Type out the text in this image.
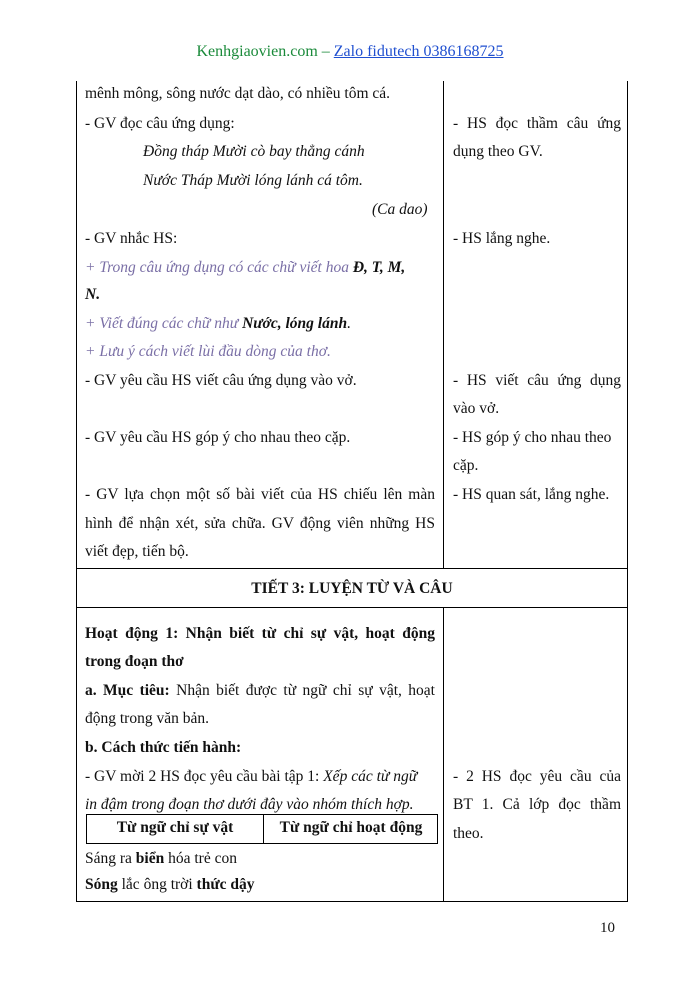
Kenhgiaovien.com – Zalo fidutech 0386168725
mênh mông, sông nước dạt dào, có nhiều tôm cá.
- GV đọc câu ứng dụng:
Đồng tháp Mười cò bay thẳng cánh
Nước Tháp Mười lóng lánh cá tôm.
(Ca dao)
- GV nhắc HS:
+ Trong câu ứng dụng có các chữ viết hoa Đ, T, M,
N.
+ Viết đúng các chữ như Nước, lóng lánh.
+ Lưu ý cách viết lùi đầu dòng của thơ.
- GV yêu cầu HS viết câu ứng dụng vào vở.
- GV yêu cầu HS góp ý cho nhau theo cặp.
- GV lựa chọn một số bài viết của HS chiếu lên màn
hình để nhận xét, sửa chữa. GV động viên những HS
viết đẹp, tiến bộ.
- HS đọc thầm câu ứng
dụng theo GV.
- HS lắng nghe.
- HS viết câu ứng dụng
vào vở.
- HS góp ý cho nhau theo
cặp.
- HS quan sát, lắng nghe.
TIẾT 3: LUYỆN TỪ VÀ CÂU
Hoạt động 1: Nhận biết từ chỉ sự vật, hoạt động
trong đoạn thơ
a. Mục tiêu: Nhận biết được từ ngữ chỉ sự vật, hoạt
động trong văn bản.
b. Cách thức tiến hành:
- GV mời 2 HS đọc yêu cầu bài tập 1: Xếp các từ ngữ
in đậm trong đoạn thơ dưới đây vào nhóm thích hợp.
Từ ngữ chỉ sự vật	Từ ngữ chỉ hoạt động
Sáng ra biển hóa trẻ con
Sóng lắc ông trời thức dậy
- 2 HS đọc yêu cầu của
BT 1. Cả lớp đọc thầm
theo.
10
